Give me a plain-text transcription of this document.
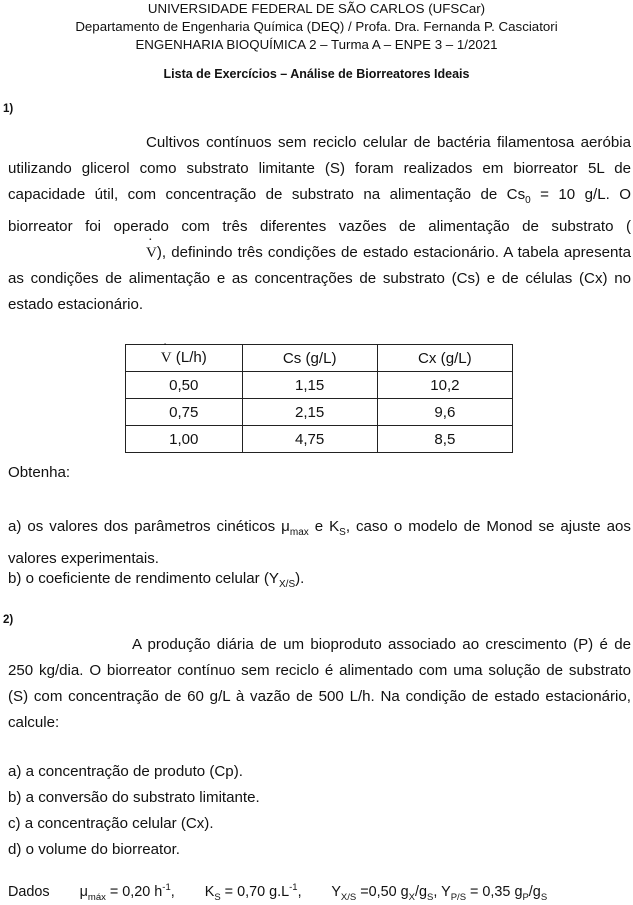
UNIVERSIDADE FEDERAL DE SÃO CARLOS (UFSCar)
Departamento de Engenharia Química (DEQ) / Profa. Dra. Fernanda P. Casciatori
ENGENHARIA BIOQUÍMICA 2 – Turma A – ENPE 3 – 1/2021
Lista de Exercícios – Análise de Biorreatores Ideais
1)
Cultivos contínuos sem reciclo celular de bactéria filamentosa aeróbia utilizando glicerol como substrato limitante (S) foram realizados em biorreator 5L de capacidade útil, com concentração de substrato na alimentação de $Cs_0 = 10$ g/L. O biorreator foi operado com três diferentes vazões de alimentação de substrato (· V), definindo três condições de estado estacionário. A tabela apresenta as condições de alimentação e as concentrações de substrato (Cs) e de células (Cx) no estado estacionário.
· V (L/h)	Cs (g/L)	Cx (g/L)
0,50	1,15	10,2
0,75	2,15	9,6
1,00	4,75	8,5
Obtenha:
a) os valores dos parâmetros cinéticos $\mu_{max}$ e $K_S$, caso o modelo de Monod se ajuste aos valores experimentais.
b) o coeficiente de rendimento celular $(Y_{X/S})$.
2)
A produção diária de um bioproduto associado ao crescimento (P) é de 250 kg/dia. O biorreator contínuo sem reciclo é alimentado com uma solução de substrato (S) com concentração de 60 g/L à vazão de 500 L/h. Na condição de estado estacionário, calcule:
a) a concentração de produto (Cp).
b) a conversão do substrato limitante.
c) a concentração celular (Cx).
d) o volume do biorreator.
Dados $\mu_{máx} = 0,20$ $h^{-1}$, $K_S = 0,70$ $g.L^{-1}$, $Y_{X/S} =0,50$ $g_X/g_S$, $Y_{P/S} = 0,35$ $g_P/g_S$
